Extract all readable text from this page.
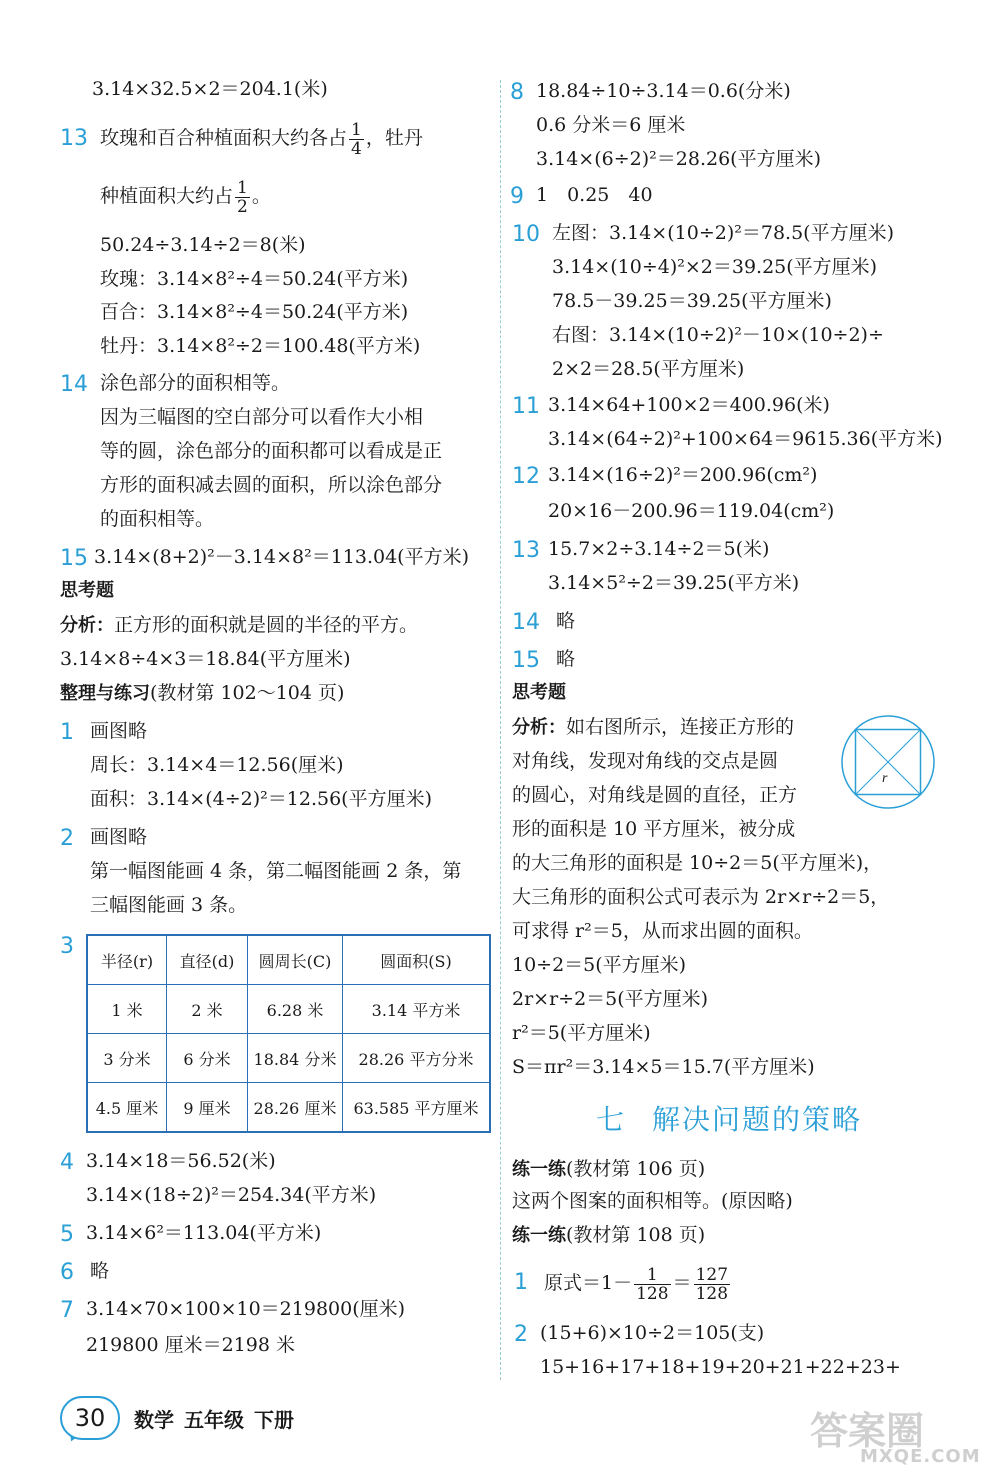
3.14×32.5×2＝204.1(米)
13 玫瑰和百合种植面积大约各占 $\frac{1}{4}$ ，牡丹
种植面积大约占 $\frac{1}{2}$ 。
50.24÷3.14÷2＝8(米)
玫瑰：3.14×8²÷4＝50.24(平方米)
百合：3.14×8²÷4＝50.24(平方米)
牡丹：3.14×8²÷2＝100.48(平方米)
14 涂色部分的面积相等。
因为三幅图的空白部分可以看作大小相
等的圆，涂色部分的面积都可以看成是正
方形的面积减去圆的面积，所以涂色部分
的面积相等。
15 3.14×(8+2)²－3.14×8²＝113.04(平方米)
思考题
分析：正方形的面积就是圆的半径的平方。
3.14×8÷4×3＝18.84(平方厘米)
整理与练习(教材第 102～104 页)
1 画图略
周长：3.14×4＝12.56(厘米)
面积：3.14×(4÷2)²＝12.56(平方厘米)
2 画图略
第一幅图能画 4 条，第二幅图能画 2 条，第
三幅图能画 3 条。
3
半径(r)	直径(d)	圆周长(C)	圆面积(S)
1 米	2 米	6.28 米	3.14 平方米
3 分米	6 分米	18.84 分米	28.26 平方分米
4.5 厘米	9 厘米	28.26 厘米	63.585 平方厘米
4 3.14×18＝56.52(米)
3.14×(18÷2)²＝254.34(平方米)
5 3.14×6²＝113.04(平方米)
6 略
7 3.14×70×100×10＝219800(厘米)
219800 厘米＝2198 米
8 18.84÷10÷3.14＝0.6(分米)
0.6 分米＝6 厘米
3.14×(6÷2)²＝28.26(平方厘米)
9 1　0.25　40
10 左图：3.14×(10÷2)²＝78.5(平方厘米)
3.14×(10÷4)²×2＝39.25(平方厘米)
78.5－39.25＝39.25(平方厘米)
右图：3.14×(10÷2)²－10×(10÷2)÷
2×2＝28.5(平方厘米)
11 3.14×64+100×2＝400.96(米)
3.14×(64÷2)²+100×64＝9615.36(平方米)
12 3.14×(16÷2)²＝200.96(cm²)
20×16－200.96＝119.04(cm²)
13 15.7×2÷3.14÷2＝5(米)
3.14×5²÷2＝39.25(平方米)
14 略
15 略
思考题
分析：如右图所示，连接正方形的
对角线，发现对角线的交点是圆
的圆心，对角线是圆的直径，正方
形的面积是 10 平方厘米，被分成
的大三角形的面积是 10÷2＝5(平方厘米)，
大三角形的面积公式可表示为 2r×r÷2＝5，
可求得 r²＝5，从而求出圆的面积。
10÷2＝5(平方厘米)
2r×r÷2＝5(平方厘米)
r²＝5(平方厘米)
S＝πr²＝3.14×5＝15.7(平方厘米)
r
七 解决问题的策略
练一练(教材第 106 页)
这两个图案的面积相等。(原因略)
练一练(教材第 108 页)
1 原式$=1- \frac{1}{128} = \frac{127}{128}$
2 (15+6)×10÷2＝105(支)
15+16+17+18+19+20+21+22+23+
30	数学 五年级 下册	答案圈
MXQE.COM
